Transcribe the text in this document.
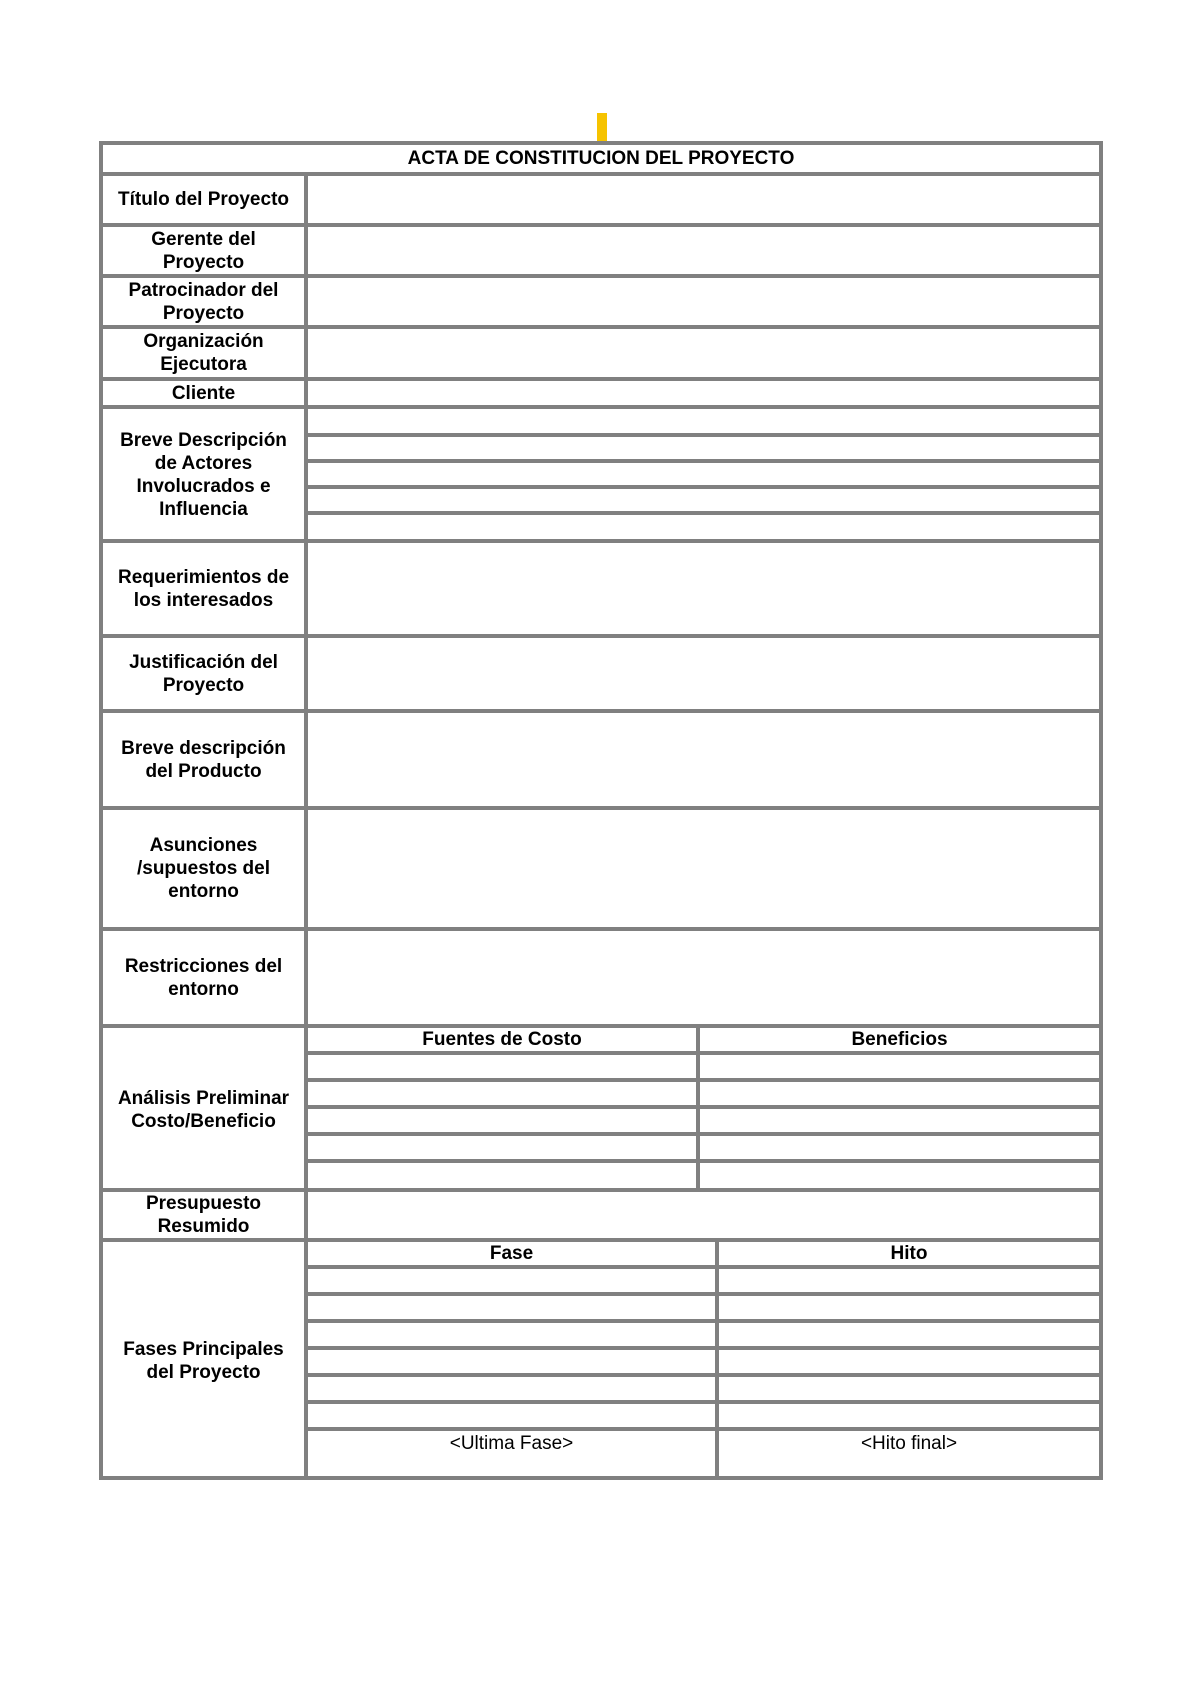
ACTA DE CONSTITUCION DEL PROYECTO
Título del Proyecto
Gerente del Proyecto
Patrocinador del Proyecto
Organización Ejecutora
Cliente
Breve Descripción de Actores Involucrados e Influencia
Requerimientos de los interesados
Justificación del Proyecto
Breve descripción del Producto
Asunciones /supuestos del entorno
Restricciones del entorno
Análisis Preliminar Costo/Beneficio
Fuentes de Costo	Beneficios
Presupuesto Resumido
Fases Principales del Proyecto
Fase	Hito
<Ultima Fase>	<Hito final>
